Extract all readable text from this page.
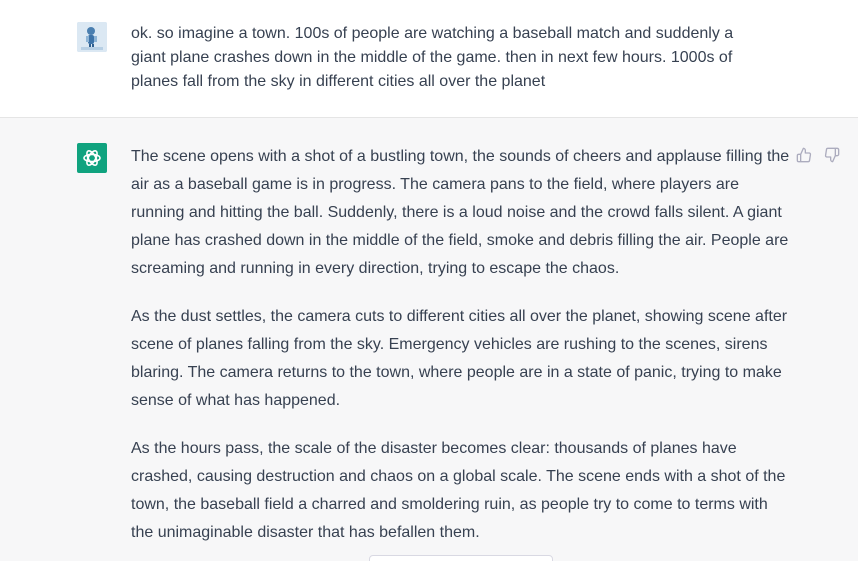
ok. so imagine a town. 100s of people are watching a baseball match and suddenly a
giant plane crashes down in the middle of the game. then in next few hours. 1000s of
planes fall from the sky in different cities all over the planet

The scene opens with a shot of a bustling town, the sounds of cheers and applause filling the air as a baseball game is in progress. The camera pans to the field, where players are running and hitting the ball. Suddenly, there is a loud noise and the crowd falls silent. A giant plane has crashed down in the middle of the field, smoke and debris filling the air. People are screaming and running in every direction, trying to escape the chaos.

As the dust settles, the camera cuts to different cities all over the planet, showing scene after scene of planes falling from the sky. Emergency vehicles are rushing to the scenes, sirens blaring. The camera returns to the town, where people are in a state of panic, trying to make sense of what has happened.

As the hours pass, the scale of the disaster becomes clear: thousands of planes have crashed, causing destruction and chaos on a global scale. The scene ends with a shot of the town, the baseball field a charred and smoldering ruin, as people try to come to terms with the unimaginable disaster that has befallen them.
